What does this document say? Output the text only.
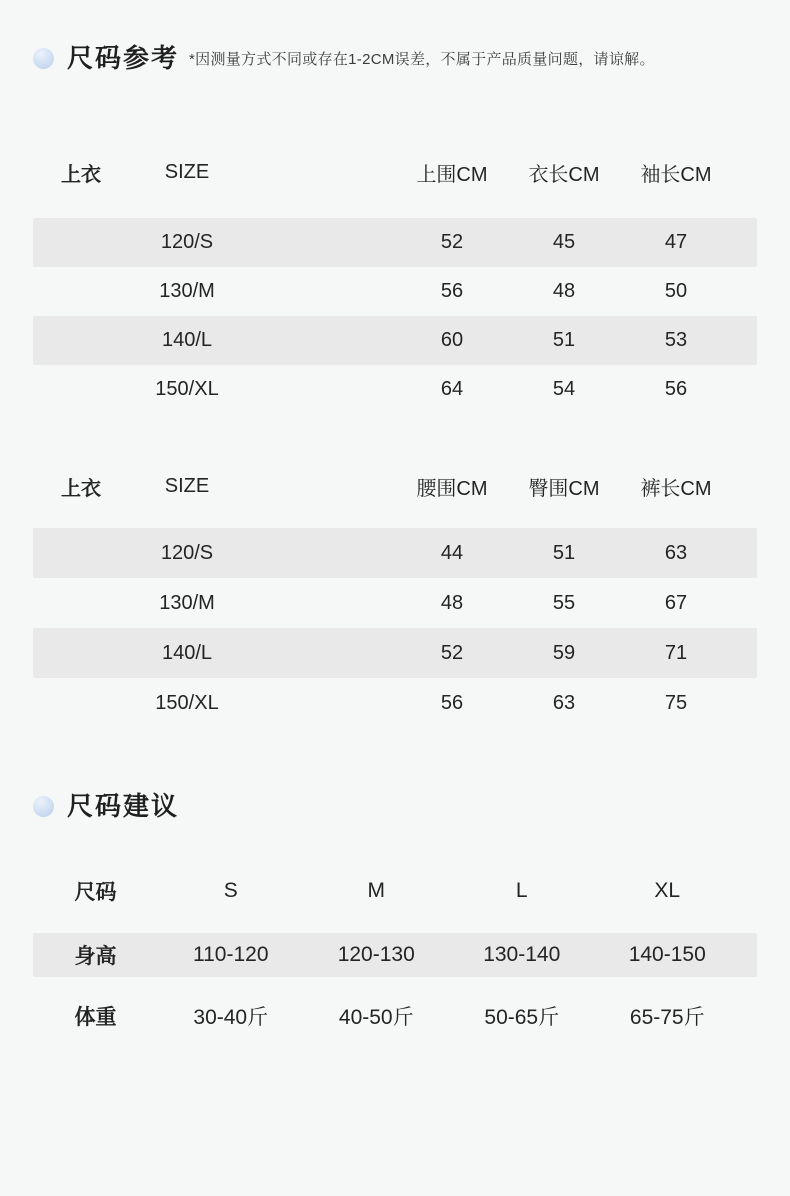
尺码参考 *因测量方式不同或存在1-2CM误差，不属于产品质量问题，请谅解。
上衣	SIZE	上围CM	衣长CM	袖长CM
120/S	52	45	47
130/M	56	48	50
140/L	60	51	53
150/XL	64	54	56
上衣	SIZE	腰围CM	臀围CM	裤长CM
120/S	44	51	63
130/M	48	55	67
140/L	52	59	71
150/XL	56	63	75
尺码建议
尺码	S	M	L	XL
身高	110-120	120-130	130-140	140-150
体重	30-40斤	40-50斤	50-65斤	65-75斤
